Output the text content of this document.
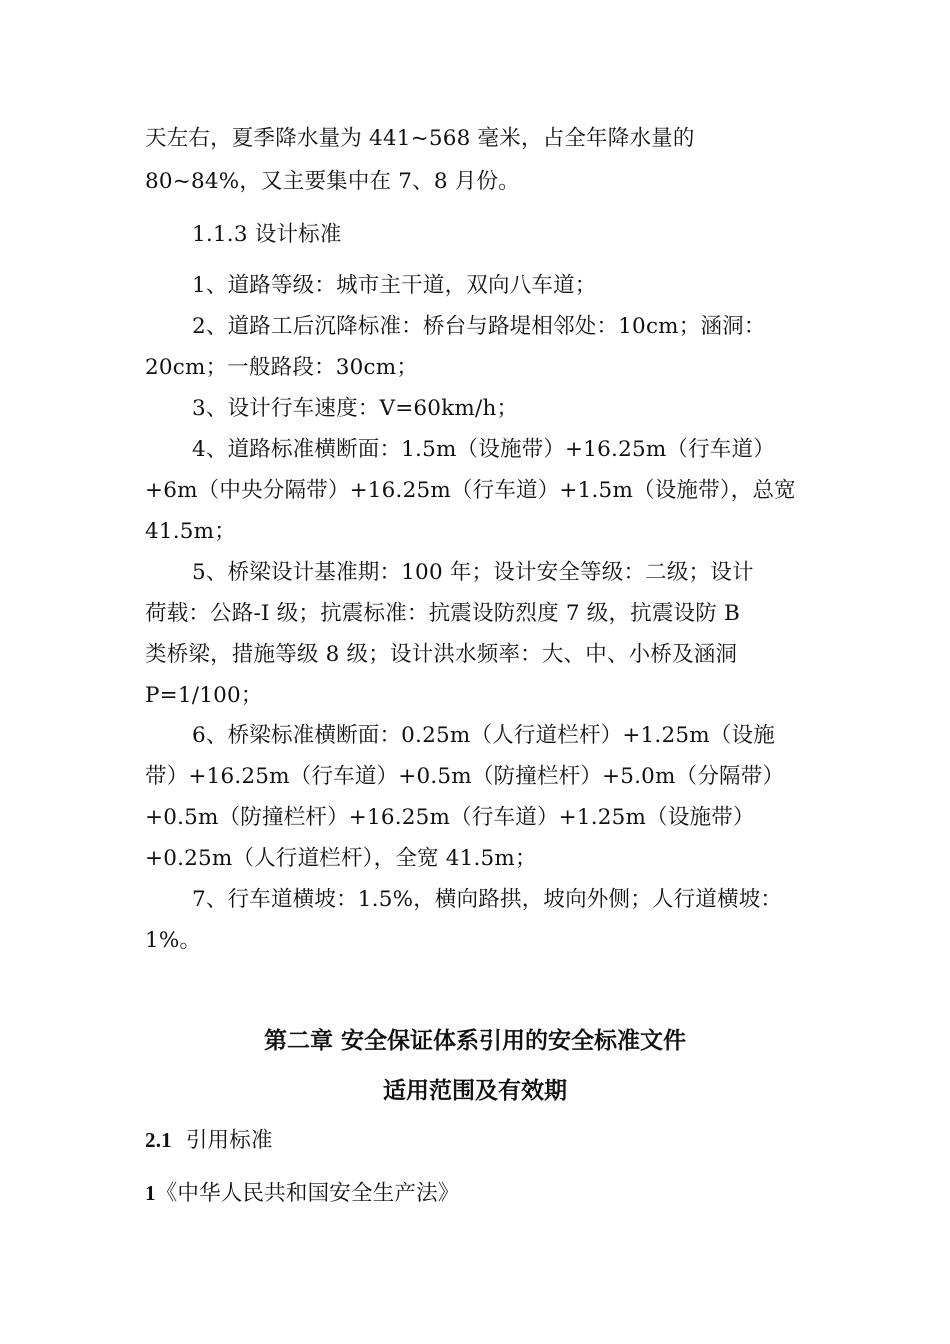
天左右，夏季降水量为 441~568 毫米，占全年降水量的
80~84%，又主要集中在 7、8 月份。
1.1.3 设计标准
1、道路等级：城市主干道，双向八车道；
2、道路工后沉降标准：桥台与路堤相邻处：10cm；涵洞：
20cm；一般路段：30cm；
3、设计行车速度：V=60km/h；
4、道路标准横断面：1.5m（设施带）+16.25m（行车道）
+6m（中央分隔带）+16.25m（行车道）+1.5m（设施带），总宽
41.5m；
5、桥梁设计基准期：100 年；设计安全等级：二级；设计
荷载：公路-I 级；抗震标准：抗震设防烈度 7 级，抗震设防 B
类桥梁，措施等级 8 级；设计洪水频率：大、中、小桥及涵洞
P=1/100；
6、桥梁标准横断面：0.25m（人行道栏杆）+1.25m（设施
带）+16.25m（行车道）+0.5m（防撞栏杆）+5.0m（分隔带）
+0.5m（防撞栏杆）+16.25m（行车道）+1.25m（设施带）
+0.25m（人行道栏杆），全宽 41.5m；
7、行车道横坡：1.5%，横向路拱，坡向外侧；人行道横坡：
1%。
第二章 安全保证体系引用的安全标准文件
适用范围及有效期
2.1 引用标准
1《中华人民共和国安全生产法》
